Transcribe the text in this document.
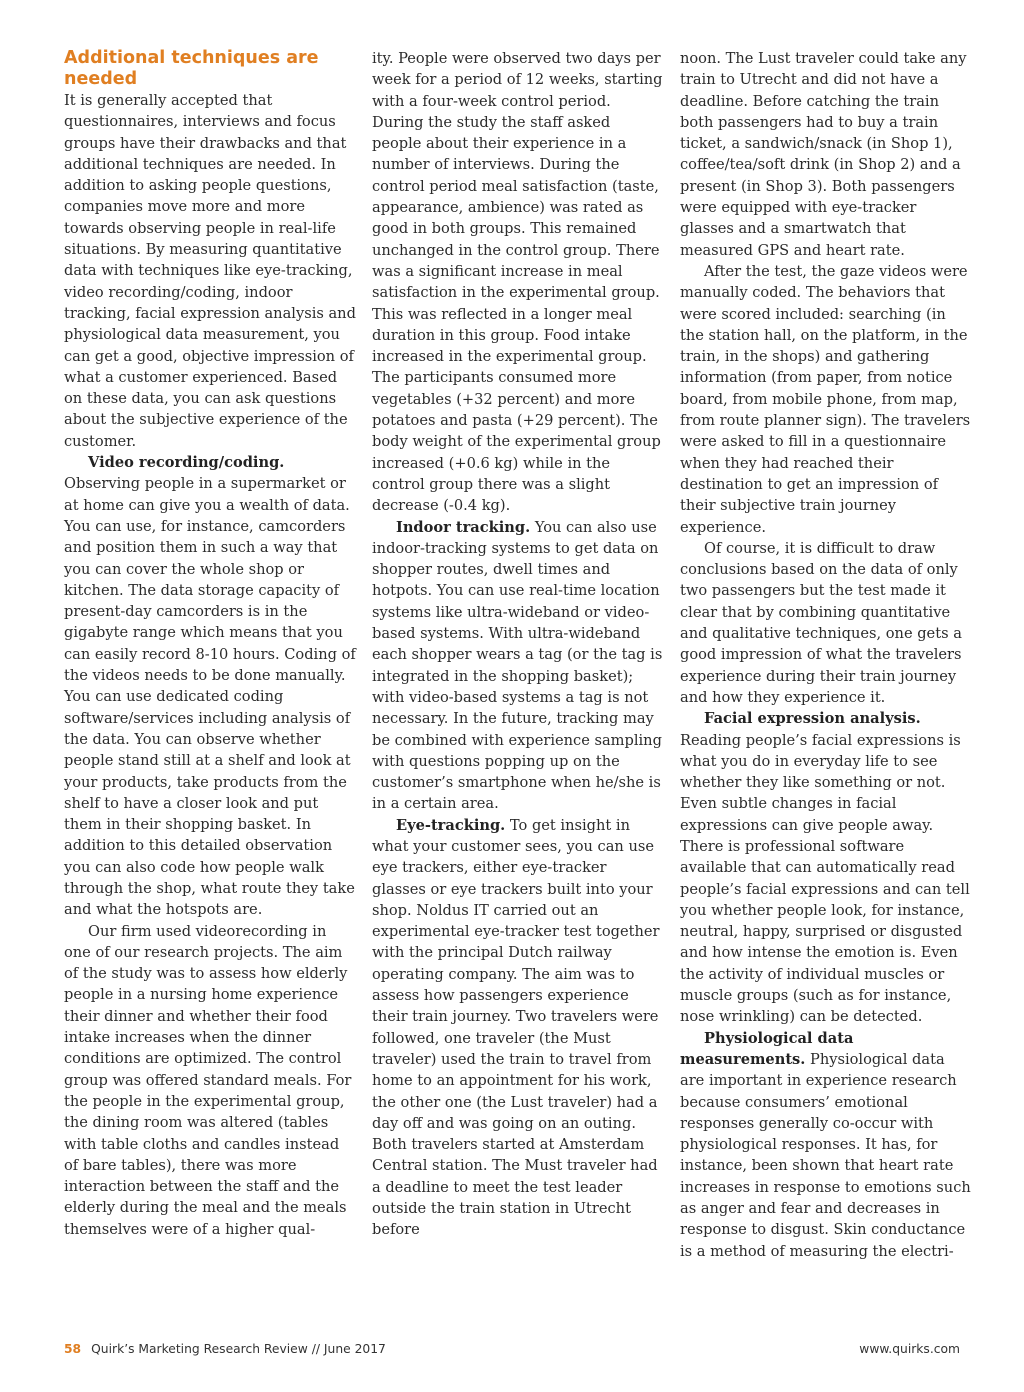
Additional techniques are needed

It is generally accepted that questionnaires, interviews and focus groups have their drawbacks and that additional techniques are needed. In addition to asking people questions, companies move more and more towards observing people in real-life situations. By measuring quantitative data with techniques like eye-tracking, video recording/coding, indoor tracking, facial expression analysis and physiological data measurement, you can get a good, objective impression of what a customer experienced. Based on these data, you can ask questions about the subjective experience of the customer.

Video recording/coding.
Observing people in a supermarket or at home can give you a wealth of data. You can use, for instance, camcorders and position them in such a way that you can cover the whole shop or kitchen. The data storage capacity of present-day camcorders is in the gigabyte range which means that you can easily record 8-10 hours. Coding of the videos needs to be done manually. You can use dedicated coding software/services including analysis of the data. You can observe whether people stand still at a shelf and look at your products, take products from the shelf to have a closer look and put them in their shopping basket. In addition to this detailed observation you can also code how people walk through the shop, what route they take and what the hotspots are.

Our firm used videorecording in one of our research projects. The aim of the study was to assess how elderly people in a nursing home experience their dinner and whether their food intake increases when the dinner conditions are optimized. The control group was offered standard meals. For the people in the experimental group, the dining room was altered (tables with table cloths and candles instead of bare tables), there was more interaction between the staff and the elderly during the meal and the meals themselves were of a higher qual-

ity. People were observed two days per week for a period of 12 weeks, starting with a four-week control period. During the study the staff asked people about their experience in a number of interviews. During the control period meal satisfaction (taste, appearance, ambience) was rated as good in both groups. This remained unchanged in the control group. There was a significant increase in meal satisfaction in the experimental group. This was reflected in a longer meal duration in this group. Food intake increased in the experimental group. The participants consumed more vegetables (+32 percent) and more potatoes and pasta (+29 percent). The body weight of the experimental group increased (+0.6 kg) while in the control group there was a slight decrease (-0.4 kg).

Indoor tracking. You can also use indoor-tracking systems to get data on shopper routes, dwell times and hotpots. You can use real-time location systems like ultra-wideband or video-based systems. With ultra-wideband each shopper wears a tag (or the tag is integrated in the shopping basket); with video-based systems a tag is not necessary. In the future, tracking may be combined with experience sampling with questions popping up on the customer’s smartphone when he/she is in a certain area.

Eye-tracking. To get insight in what your customer sees, you can use eye trackers, either eye-tracker glasses or eye trackers built into your shop. Noldus IT carried out an experimental eye-tracker test together with the principal Dutch railway operating company. The aim was to assess how passengers experience their train journey. Two travelers were followed, one traveler (the Must traveler) used the train to travel from home to an appointment for his work, the other one (the Lust traveler) had a day off and was going on an outing. Both travelers started at Amsterdam Central station. The Must traveler had a deadline to meet the test leader outside the train station in Utrecht before

noon. The Lust traveler could take any train to Utrecht and did not have a deadline. Before catching the train both passengers had to buy a train ticket, a sandwich/snack (in Shop 1), coffee/tea/soft drink (in Shop 2) and a present (in Shop 3). Both passengers were equipped with eye-tracker glasses and a smartwatch that measured GPS and heart rate.

After the test, the gaze videos were manually coded. The behaviors that were scored included: searching (in the station hall, on the platform, in the train, in the shops) and gathering information (from paper, from notice board, from mobile phone, from map, from route planner sign). The travelers were asked to fill in a questionnaire when they had reached their destination to get an impression of their subjective train journey experience.

Of course, it is difficult to draw conclusions based on the data of only two passengers but the test made it clear that by combining quantitative and qualitative techniques, one gets a good impression of what the travelers experience during their train journey and how they experience it.

Facial expression analysis.
Reading people’s facial expressions is what you do in everyday life to see whether they like something or not. Even subtle changes in facial expressions can give people away. There is professional software available that can automatically read people’s facial expressions and can tell you whether people look, for instance, neutral, happy, surprised or disgusted and how intense the emotion is. Even the activity of individual muscles or muscle groups (such as for instance, nose wrinkling) can be detected.

Physiological data measurements. Physiological data are important in experience research because consumers’ emotional responses generally co-occur with physiological responses. It has, for instance, been shown that heart rate increases in response to emotions such as anger and fear and decreases in response to disgust. Skin conductance is a method of measuring the electri-

58 Quirk’s Marketing Research Review // June 2017	www.quirks.com
